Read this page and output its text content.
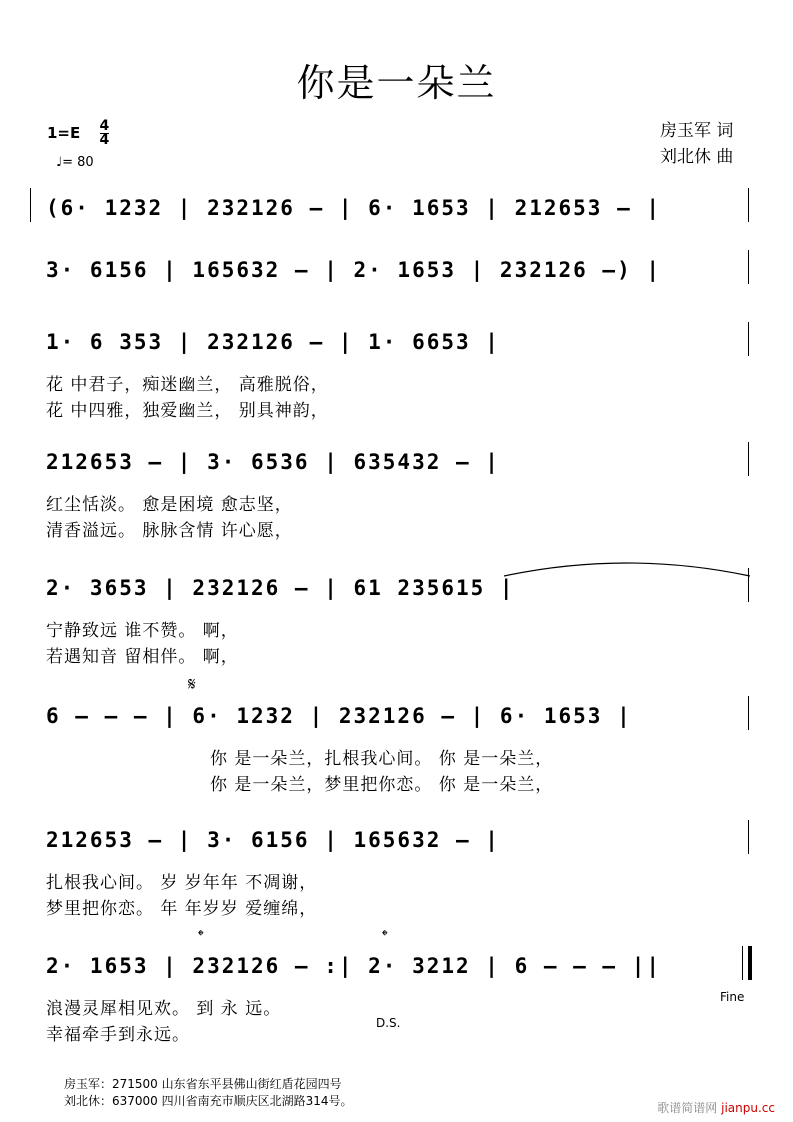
你是一朵兰
$1=E \frac{4}{4}$
♩= 80
房玉军 词
刘北休 曲
(6· 1232 | 232126 – | 6· 1653 | 212653 – |
3· 6156 | 165632 – | 2· 1653 | 232126 –) |
1· 6 353 | 232126 – | 1· 6653 |
花 中君子，痴迷幽兰， 高雅脱俗，
花 中四雅，独爱幽兰， 别具神韵，
212653 – | 3· 6536 | 635432 – |
红尘恬淡。 愈是困境 愈志坚，
清香溢远。 脉脉含情 许心愿，
2· 3653 | 232126 – | 61 235615 |
宁静致远 谁不赞。 啊，
若遇知音 留相伴。 啊，
𝄋
6 – – – | 6· 1232 | 232126 – | 6· 1653 |
你 是一朵兰，扎根我心间。 你 是一朵兰，
你 是一朵兰，梦里把你恋。 你 是一朵兰，
212653 – | 3· 6156 | 165632 – |
扎根我心间。 岁 岁年年 不凋谢，
梦里把你恋。 年 年岁岁 爱缠绵，
𝄌	𝄌
2· 1653 | 232126 – :| 2· 3212 | 6 – – – ||
浪漫灵犀相见欢。 到 永 远。
幸福牵手到永远。
Fine
D.S.
房玉军：271500 山东省东平县佛山街红盾花园四号
刘北休：637000 四川省南充市顺庆区北湖路314号。	歌谱简谱网 jianpu.cc
